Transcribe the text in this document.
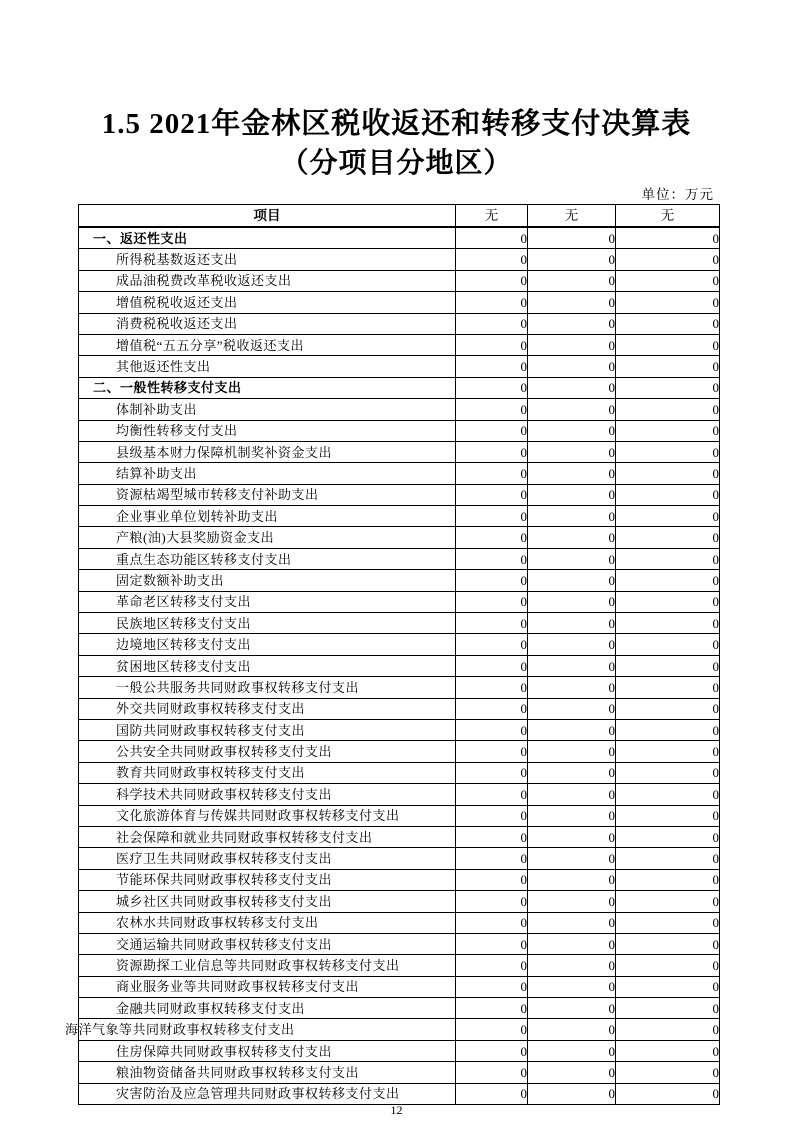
1.5 2021年金林区税收返还和转移支付决算表
（分项目分地区）
单位：万元
项目	无	无	无
一、返还性支出	0	0	0
所得税基数返还支出	0	0	0
成品油税费改革税收返还支出	0	0	0
增值税税收返还支出	0	0	0
消费税税收返还支出	0	0	0
增值税“五五分享”税收返还支出	0	0	0
其他返还性支出	0	0	0
二、一般性转移支付支出	0	0	0
体制补助支出	0	0	0
均衡性转移支付支出	0	0	0
县级基本财力保障机制奖补资金支出	0	0	0
结算补助支出	0	0	0
资源枯竭型城市转移支付补助支出	0	0	0
企业事业单位划转补助支出	0	0	0
产粮(油)大县奖励资金支出	0	0	0
重点生态功能区转移支付支出	0	0	0
固定数额补助支出	0	0	0
革命老区转移支付支出	0	0	0
民族地区转移支付支出	0	0	0
边境地区转移支付支出	0	0	0
贫困地区转移支付支出	0	0	0
一般公共服务共同财政事权转移支付支出	0	0	0
外交共同财政事权转移支付支出	0	0	0
国防共同财政事权转移支付支出	0	0	0
公共安全共同财政事权转移支付支出	0	0	0
教育共同财政事权转移支付支出	0	0	0
科学技术共同财政事权转移支付支出	0	0	0
文化旅游体育与传媒共同财政事权转移支付支出	0	0	0
社会保障和就业共同财政事权转移支付支出	0	0	0
医疗卫生共同财政事权转移支付支出	0	0	0
节能环保共同财政事权转移支付支出	0	0	0
城乡社区共同财政事权转移支付支出	0	0	0
农林水共同财政事权转移支付支出	0	0	0
交通运输共同财政事权转移支付支出	0	0	0
资源勘探工业信息等共同财政事权转移支付支出	0	0	0
商业服务业等共同财政事权转移支付支出	0	0	0
金融共同财政事权转移支付支出	0	0	0
海洋气象等共同财政事权转移支付支出	0	0	0
住房保障共同财政事权转移支付支出	0	0	0
粮油物资储备共同财政事权转移支付支出	0	0	0
灾害防治及应急管理共同财政事权转移支付支出	0	0	0
12
